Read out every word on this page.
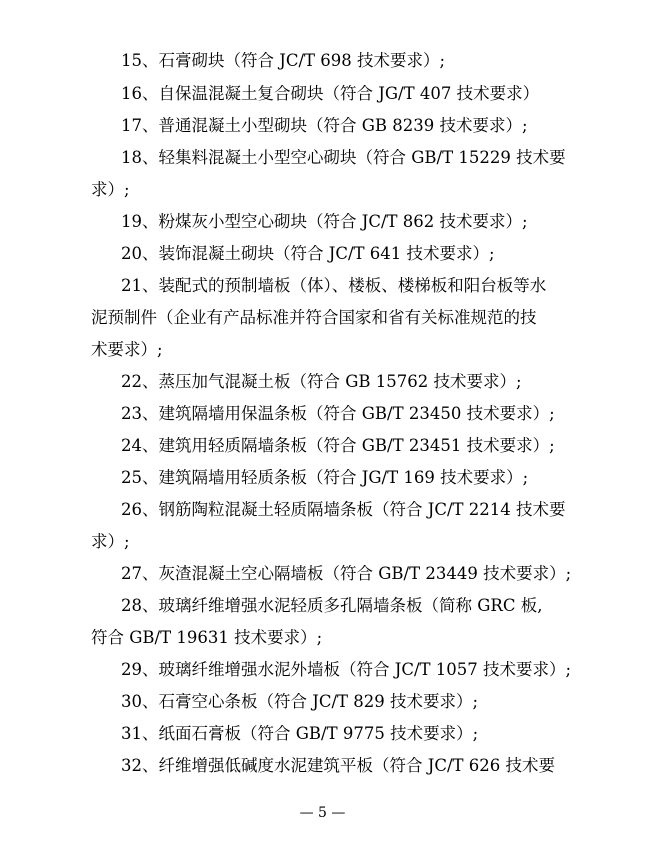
15、石膏砌块（符合 JC/T 698 技术要求）;
16、自保温混凝土复合砌块（符合 JG/T 407 技术要求）
17、普通混凝土小型砌块（符合 GB 8239 技术要求）;
18、轻集料混凝土小型空心砌块（符合 GB/T 15229 技术要
求）;
19、粉煤灰小型空心砌块（符合 JC/T 862 技术要求）;
20、装饰混凝土砌块（符合 JC/T 641 技术要求）;
21、装配式的预制墙板（体）、楼板、楼梯板和阳台板等水
泥预制件（企业有产品标准并符合国家和省有关标准规范的技
术要求）;
22、蒸压加气混凝土板（符合 GB 15762 技术要求）;
23、建筑隔墙用保温条板（符合 GB/T 23450 技术要求）;
24、建筑用轻质隔墙条板（符合 GB/T 23451 技术要求）;
25、建筑隔墙用轻质条板（符合 JG/T 169 技术要求）;
26、钢筋陶粒混凝土轻质隔墙条板（符合 JC/T 2214 技术要
求）;
27、灰渣混凝土空心隔墙板（符合 GB/T 23449 技术要求）;
28、玻璃纤维增强水泥轻质多孔隔墙条板（简称 GRC 板,
符合 GB/T 19631 技术要求）;
29、玻璃纤维增强水泥外墙板（符合 JC/T 1057 技术要求）;
30、石膏空心条板（符合 JC/T 829 技术要求）;
31、纸面石膏板（符合 GB/T 9775 技术要求）;
32、纤维增强低碱度水泥建筑平板（符合 JC/T 626 技术要
— 5 —
